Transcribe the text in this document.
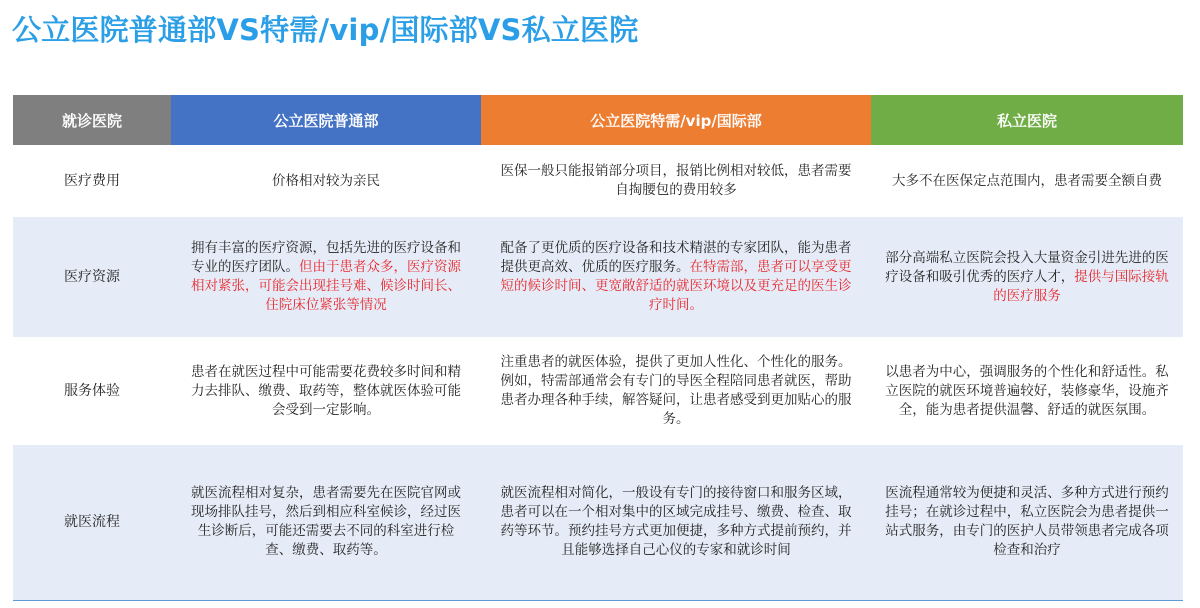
公立医院普通部VS特需/vip/国际部VS私立医院
就诊医院	公立医院普通部	公立医院特需/vip/国际部	私立医院
医疗费用	价格相对较为亲民	医保一般只能报销部分项目，报销比例相对较低，患者需要自掏腰包的费用较多	大多不在医保定点范围内，患者需要全额自费
医疗资源	拥有丰富的医疗资源，包括先进的医疗设备和专业的医疗团队。但由于患者众多，医疗资源相对紧张，可能会出现挂号难、候诊时间长、住院床位紧张等情况	配备了更优质的医疗设备和技术精湛的专家团队，能为患者提供更高效、优质的医疗服务。在特需部，患者可以享受更短的候诊时间、更宽敞舒适的就医环境以及更充足的医生诊疗时间。	部分高端私立医院会投入大量资金引进先进的医疗设备和吸引优秀的医疗人才，提供与国际接轨的医疗服务
服务体验	患者在就医过程中可能需要花费较多时间和精力去排队、缴费、取药等，整体就医体验可能会受到一定影响。	注重患者的就医体验，提供了更加人性化、个性化的服务。例如，特需部通常会有专门的导医全程陪同患者就医，帮助患者办理各种手续，解答疑问，让患者感受到更加贴心的服务。	以患者为中心，强调服务的个性化和舒适性。私立医院的就医环境普遍较好，装修豪华，设施齐全，能为患者提供温馨、舒适的就医氛围。
就医流程	就医流程相对复杂，患者需要先在医院官网或现场排队挂号，然后到相应科室候诊，经过医生诊断后，可能还需要去不同的科室进行检查、缴费、取药等。	就医流程相对简化，一般设有专门的接待窗口和服务区域，患者可以在一个相对集中的区域完成挂号、缴费、检查、取药等环节。预约挂号方式更加便捷，多种方式提前预约，并且能够选择自己心仪的专家和就诊时间	医流程通常较为便捷和灵活、多种方式进行预约挂号；在就诊过程中，私立医院会为患者提供一站式服务，由专门的医护人员带领患者完成各项检查和治疗
